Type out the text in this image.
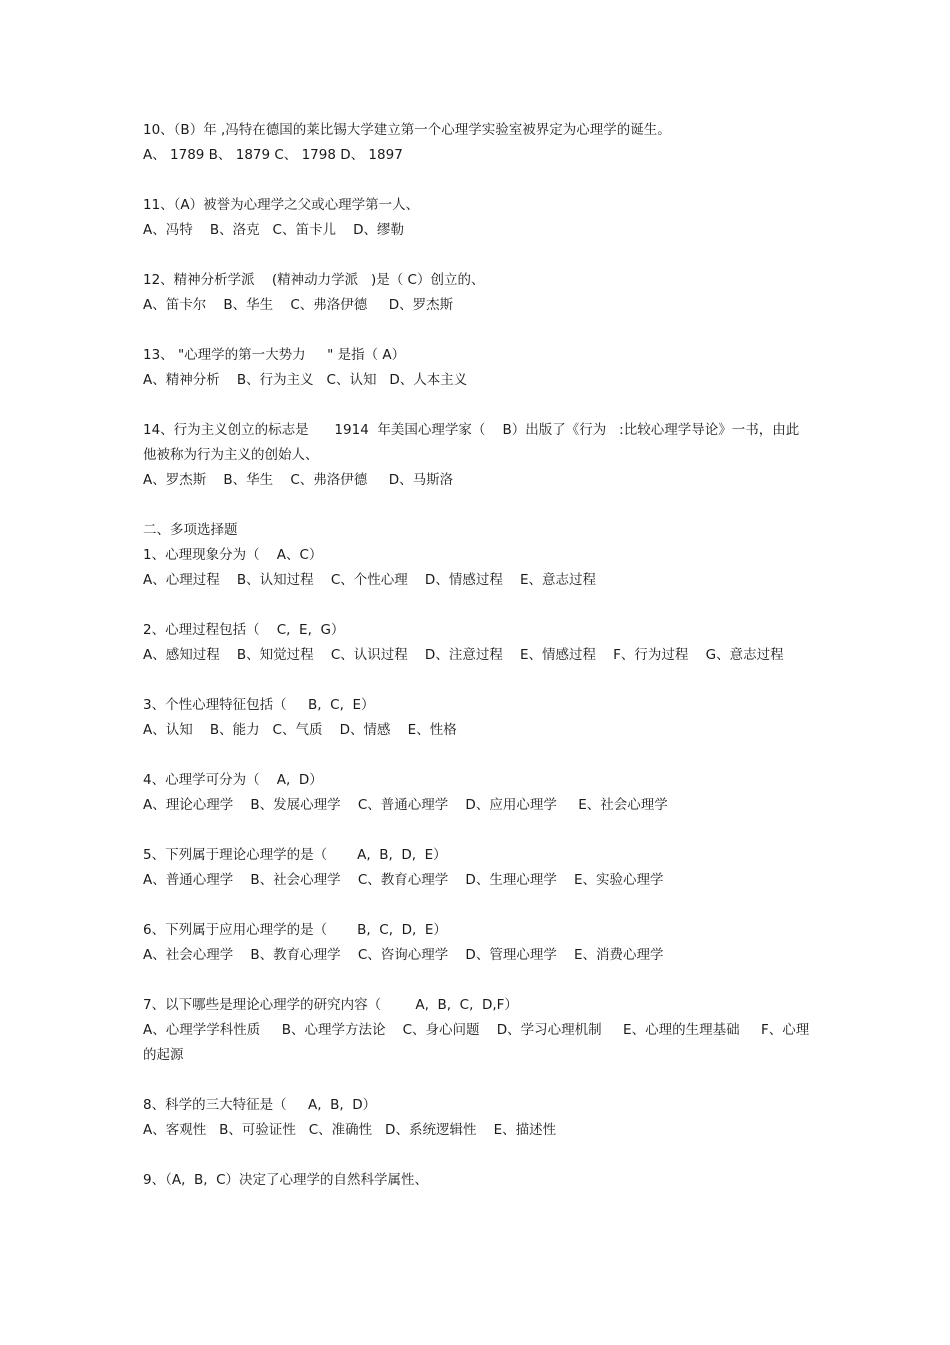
10、（B）年 ,冯特在德国的莱比锡大学建立第一个心理学实验室被界定为心理学的诞生。
A、 1789 B、 1879 C、 1798 D、 1897
11、（A）被誉为心理学之父或心理学第一人、
A、冯特    B、洛克   C、笛卡儿    D、缪勒
12、精神分析学派    (精神动力学派   )是（ C）创立的、
A、笛卡尔    B、华生    C、弗洛伊德     D、罗杰斯
13、 "心理学的第一大势力     " 是指（ A）
A、精神分析    B、行为主义   C、认知   D、人本主义
14、行为主义创立的标志是      1914  年美国心理学家（    B）出版了《行为   :比较心理学导论》一书，由此他被称为行为主义的创始人、
A、罗杰斯    B、华生    C、弗洛伊德     D、马斯洛
二、多项选择题
1、心理现象分为（    A、C）
A、心理过程    B、认知过程    C、个性心理    D、情感过程    E、意志过程
2、心理过程包括（    C,  E,  G）
A、感知过程    B、知觉过程    C、认识过程    D、注意过程    E、情感过程    F、行为过程    G、意志过程
3、个性心理特征包括（     B,  C,  E）
A、认知    B、能力   C、气质    D、情感    E、性格
4、心理学可分为（    A,  D）
A、理论心理学    B、发展心理学    C、普通心理学    D、应用心理学     E、社会心理学
5、下列属于理论心理学的是（       A,  B,  D,  E）
A、普通心理学    B、社会心理学    C、教育心理学    D、生理心理学    E、实验心理学
6、下列属于应用心理学的是（       B,  C,  D,  E）
A、社会心理学    B、教育心理学    C、咨询心理学    D、管理心理学    E、消费心理学
7、以下哪些是理论心理学的研究内容（        A,  B,  C,  D,F）
A、心理学学科性质     B、心理学方法论    C、身心问题    D、学习心理机制     E、心理的生理基础     F、心理的起源
8、科学的三大特征是（     A,  B,  D）
A、客观性   B、可验证性   C、准确性   D、系统逻辑性    E、描述性
9、（A,  B,  C）决定了心理学的自然科学属性、
